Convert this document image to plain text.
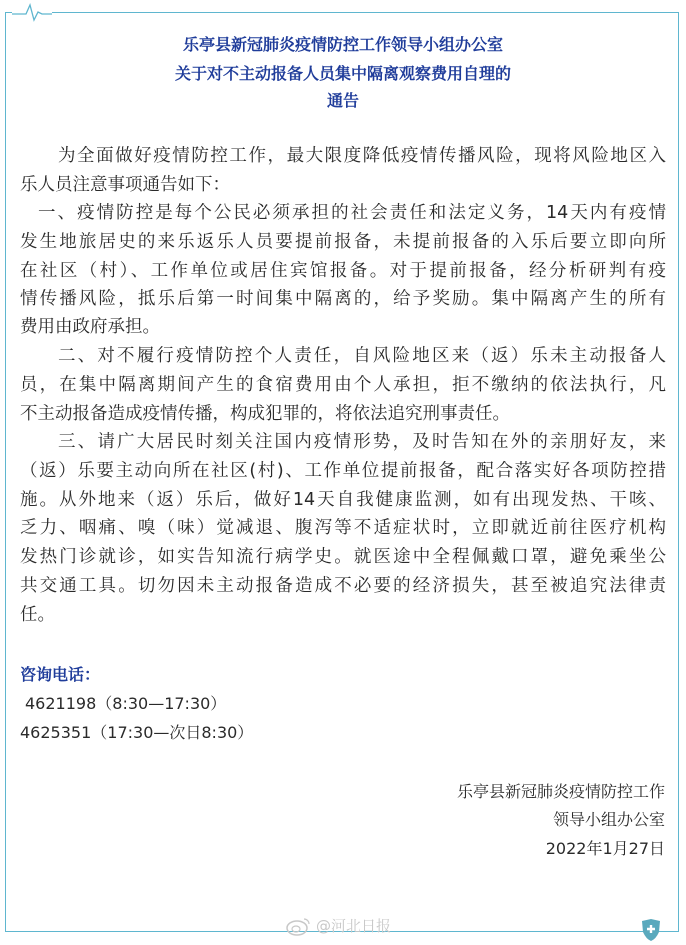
乐亭县新冠肺炎疫情防控工作领导小组办公室
关于对不主动报备人员集中隔离观察费用自理的
通告
为全面做好疫情防控工作，最大限度降低疫情传播风险，现将风险地区入
乐人员注意事项通告如下：
一、疫情防控是每个公民必须承担的社会责任和法定义务，14天内有疫情
发生地旅居史的来乐返乐人员要提前报备，未提前报备的入乐后要立即向所
在社区（村）、工作单位或居住宾馆报备。对于提前报备，经分析研判有疫
情传播风险，抵乐后第一时间集中隔离的，给予奖励。集中隔离产生的所有
费用由政府承担。
二、对不履行疫情防控个人责任，自风险地区来（返）乐未主动报备人
员，在集中隔离期间产生的食宿费用由个人承担，拒不缴纳的依法执行，凡
不主动报备造成疫情传播，构成犯罪的，将依法追究刑事责任。
三、请广大居民时刻关注国内疫情形势，及时告知在外的亲朋好友，来
（返）乐要主动向所在社区(村)、工作单位提前报备，配合落实好各项防控措
施。从外地来（返）乐后，做好14天自我健康监测，如有出现发热、干咳、
乏力、咽痛、嗅（味）觉减退、腹泻等不适症状时，立即就近前往医疗机构
发热门诊就诊，如实告知流行病学史。就医途中全程佩戴口罩，避免乘坐公
共交通工具。切勿因未主动报备造成不必要的经济损失，甚至被追究法律责
任。
咨询电话：
4621198（8:30—17:30）
4625351（17:30—次日8:30）
乐亭县新冠肺炎疫情防控工作
领导小组办公室
2022年1月27日
@河北日报
